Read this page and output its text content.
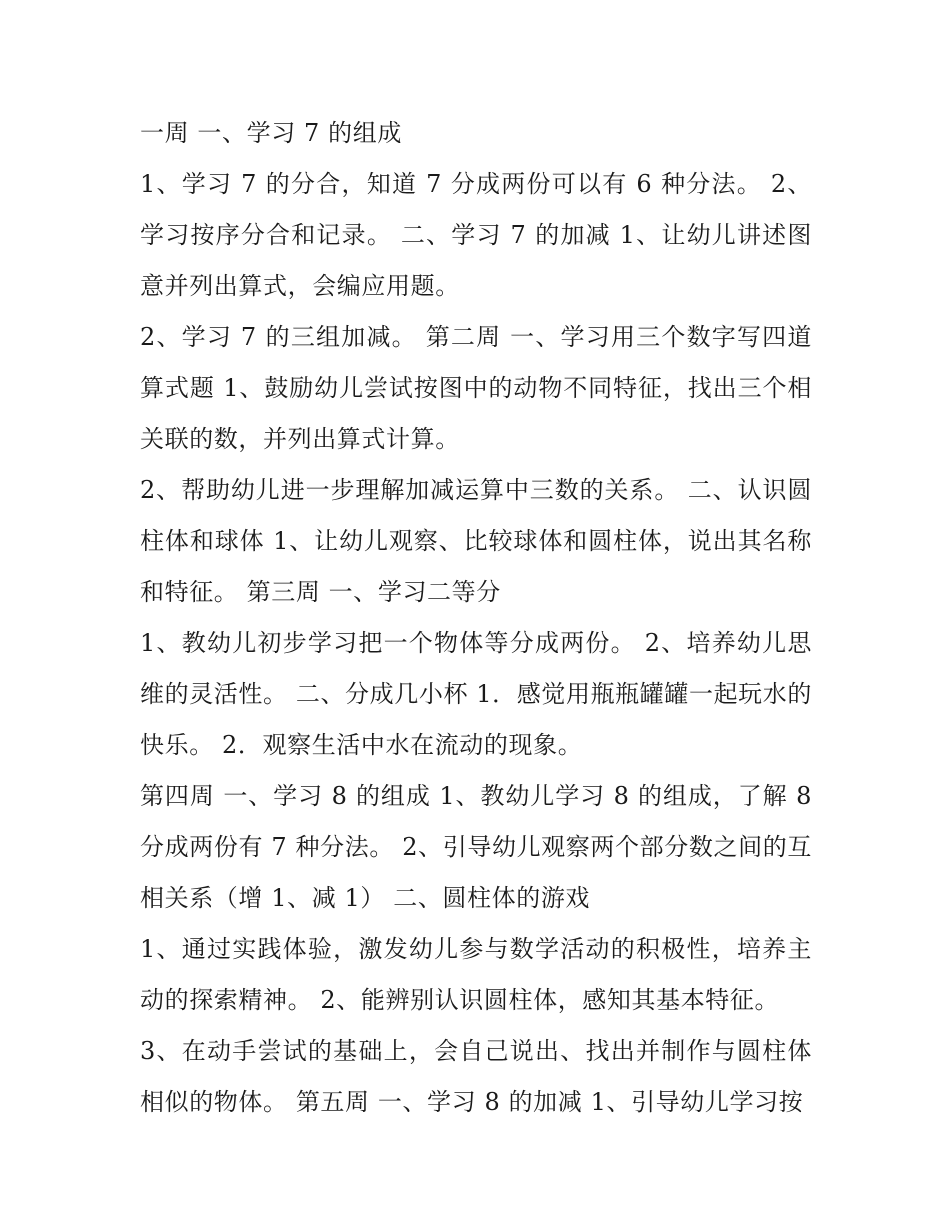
一周 一、学习 7 的组成

1、学习 7 的分合，知道 7 分成两份可以有 6 种分法。 2、学习按序分合和记录。 二、学习 7 的加减 1、让幼儿讲述图意并列出算式，会编应用题。

2、学习 7 的三组加减。 第二周 一、学习用三个数字写四道算式题 1、鼓励幼儿尝试按图中的动物不同特征，找出三个相关联的数，并列出算式计算。

2、帮助幼儿进一步理解加减运算中三数的关系。 二、认识圆柱体和球体 1、让幼儿观察、比较球体和圆柱体，说出其名称和特征。 第三周 一、学习二等分

1、教幼儿初步学习把一个物体等分成两份。 2、培养幼儿思维的灵活性。 二、分成几小杯 1．感觉用瓶瓶罐罐一起玩水的快乐。 2．观察生活中水在流动的现象。

第四周 一、学习 8 的组成 1、教幼儿学习 8 的组成，了解 8 分成两份有 7 种分法。 2、引导幼儿观察两个部分数之间的互相关系（增 1、减 1） 二、圆柱体的游戏

1、通过实践体验，激发幼儿参与数学活动的积极性，培养主动的探索精神。 2、能辨别认识圆柱体，感知其基本特征。

3、在动手尝试的基础上，会自己说出、找出并制作与圆柱体相似的物体。 第五周 一、学习 8 的加减 1、引导幼儿学习按
